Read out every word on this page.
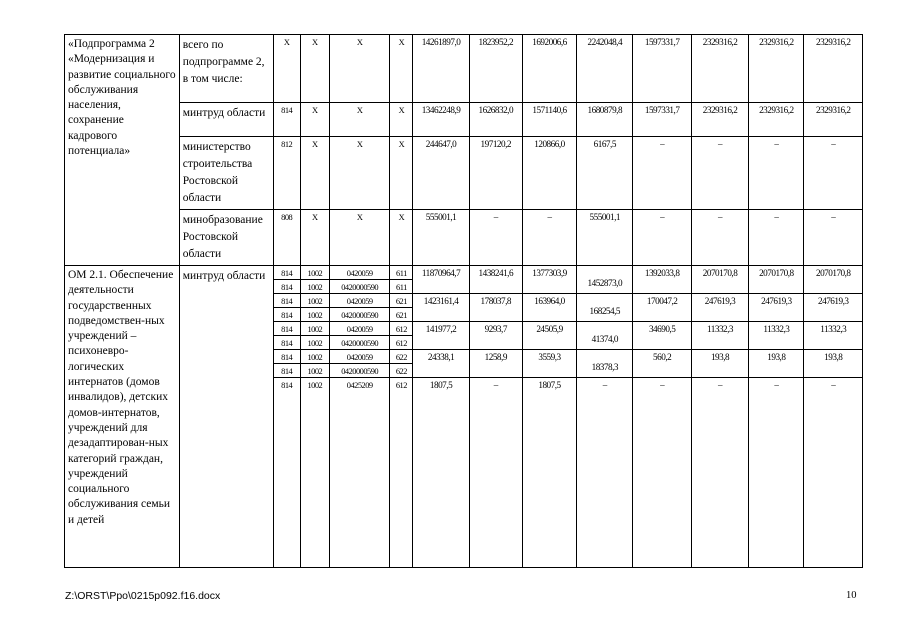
«Подпрограмма 2 «Модернизация и развитие социального обслуживания населения, сохранение кадрового потенциала»	всего по подпрограмме 2, в том числе:	X	X	X	X	14261897,0	1823952,2	1692006,6	2242048,4	1597331,7	2329316,2	2329316,2	2329316,2
	минтруд области	814	X	X	X	13462248,9	1626832,0	1571140,6	1680879,8	1597331,7	2329316,2	2329316,2	2329316,2
	министерство строительства Ростовской области	812	X	X	X	244647,0	197120,2	120866,0	6167,5	–	–	–	–
	минобразование Ростовской области	808	X	X	X	555001,1	–	–	555001,1	–	–	–	–
ОМ 2.1. Обеспечение деятельности государственных подведомствен-ных учреждений – психоневро-логических интернатов (домов инвалидов), детских домов-интернатов, учреждений для дезадаптирован-ных категорий граждан, учреждений социального обслуживания семьи и детей	минтруд области	814	1002	0420059	611	11870964,7	1438241,6	1377303,9	1452873,0	1392033,8	2070170,8	2070170,8	2070170,8
		814	1002	0420000590	611								
		814	1002	0420059	621	1423161,4	178037,8	163964,0	168254,5	170047,2	247619,3	247619,3	247619,3
		814	1002	0420000590	621								
		814	1002	0420059	612	141977,2	9293,7	24505,9	41374,0	34690,5	11332,3	11332,3	11332,3
		814	1002	0420000590	612								
		814	1002	0420059	622	24338,1	1258,9	3559,3	18378,3	560,2	193,8	193,8	193,8
		814	1002	0420000590	622								
		814	1002	0425209	612	1807,5	–	1807,5	–	–	–	–	–
Z:\ORST\Ppo\0215p092.f16.docx	10
